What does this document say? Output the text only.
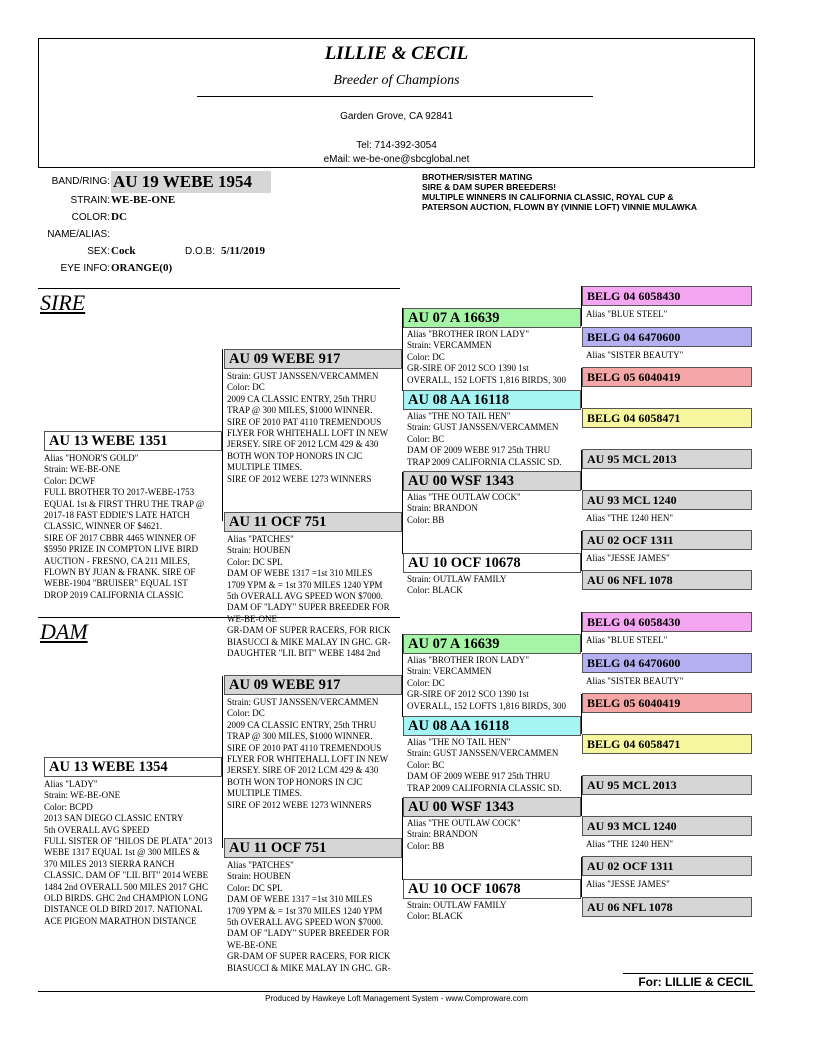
LILLIE & CECIL
Breeder of Champions
Garden Grove, CA 92841
Tel: 714-392-3054
eMail: we-be-one@sbcglobal.net
BAND/RING: AU 19 WEBE 1954
STRAIN: WE-BE-ONE
COLOR: DC
NAME/ALIAS:
SEX: Cock	D.O.B: 5/11/2019
EYE INFO: ORANGE(0)
BROTHER/SISTER MATING
SIRE & DAM SUPER BREEDERS!
MULTIPLE WINNERS IN CALIFORNIA CLASSIC, ROYAL CUP &
PATERSON AUCTION, FLOWN BY (VINNIE LOFT) VINNIE MULAWKA
SIRE
DAM
AU 13 WEBE 1351
Alias "HONOR'S GOLD"
Strain: WE-BE-ONE
Color: DCWF
FULL BROTHER TO 2017-WEBE-1753
EQUAL 1st & FIRST THRU THE TRAP @
2017-18 FAST EDDIE'S LATE HATCH
CLASSIC, WINNER OF $4621.
SIRE OF 2017 CBBR 4465 WINNER OF
$5950 PRIZE IN COMPTON LIVE BIRD
AUCTION - FRESNO, CA 211 MILES,
FLOWN BY JUAN & FRANK. SIRE OF
WEBE-1904 "BRUISER" EQUAL 1ST
DROP 2019 CALIFORNIA CLASSIC
AU 09 WEBE 917
Strain: GUST JANSSEN/VERCAMMEN
Color: DC
2009 CA CLASSIC ENTRY, 25th THRU
TRAP @ 300 MILES, $1000 WINNER.
SIRE OF 2010 PAT 4110 TREMENDOUS
FLYER FOR WHITEHALL LOFT IN NEW
JERSEY. SIRE OF 2012 LCM 429 & 430
BOTH WON TOP HONORS IN CJC
MULTIPLE TIMES.
SIRE OF 2012 WEBE 1273 WINNERS
AU 11 OCF 751
Alias "PATCHES"
Strain: HOUBEN
Color: DC SPL
DAM OF WEBE 1317 =1st 310 MILES
1709 YPM & = 1st 370 MILES 1240 YPM
5th OVERALL AVG SPEED WON $7000.
DAM OF "LADY" SUPER BREEDER FOR
WE-BE-ONE
GR-DAM OF SUPER RACERS, FOR RICK
BIASUCCI & MIKE MALAY IN GHC. GR-
DAUGHTER "LIL BIT" WEBE 1484 2nd
AU 07 A 16639
Alias "BROTHER IRON LADY"
Strain: VERCAMMEN
Color: DC
GR-SIRE OF 2012 SCO 1390 1st
OVERALL, 152 LOFTS 1,816 BIRDS, 300
AU 08 AA 16118
Alias "THE NO TAIL HEN"
Strain: GUST JANSSEN/VERCAMMEN
Color: BC
DAM OF 2009 WEBE 917 25th THRU
TRAP 2009 CALIFORNIA CLASSIC SD.
AU 00 WSF 1343
Alias "THE OUTLAW COCK"
Strain: BRANDON
Color: BB
AU 10 OCF 10678
Strain: OUTLAW FAMILY
Color: BLACK
BELG 04 6058430
Alias "BLUE STEEL"
BELG 04 6470600
Alias "SISTER BEAUTY"
BELG 05 6040419
BELG 04 6058471
AU 95 MCL 2013
AU 93 MCL 1240
Alias "THE 1240 HEN"
AU 02 OCF 1311
Alias "JESSE JAMES"
AU 06 NFL 1078
AU 13 WEBE 1354
Alias "LADY"
Strain: WE-BE-ONE
Color: BCPD
2013 SAN DIEGO CLASSIC ENTRY
5th OVERALL AVG SPEED
FULL SISTER OF "HILOS DE PLATA" 2013
WEBE 1317 EQUAL 1st @ 300 MILES &
370 MILES 2013 SIERRA RANCH
CLASSIC. DAM OF "LIL BIT" 2014 WEBE
1484 2nd OVERALL 500 MILES 2017 GHC
OLD BIRDS. GHC 2nd CHAMPION LONG
DISTANCE OLD BIRD 2017. NATIONAL
ACE PIGEON MARATHON DISTANCE
AU 09 WEBE 917
Strain: GUST JANSSEN/VERCAMMEN
Color: DC
2009 CA CLASSIC ENTRY, 25th THRU
TRAP @ 300 MILES, $1000 WINNER.
SIRE OF 2010 PAT 4110 TREMENDOUS
FLYER FOR WHITEHALL LOFT IN NEW
JERSEY. SIRE OF 2012 LCM 429 & 430
BOTH WON TOP HONORS IN CJC
MULTIPLE TIMES.
SIRE OF 2012 WEBE 1273 WINNERS
AU 11 OCF 751
Alias "PATCHES"
Strain: HOUBEN
Color: DC SPL
DAM OF WEBE 1317 =1st 310 MILES
1709 YPM & = 1st 370 MILES 1240 YPM
5th OVERALL AVG SPEED WON $7000.
DAM OF "LADY" SUPER BREEDER FOR
WE-BE-ONE
GR-DAM OF SUPER RACERS, FOR RICK
BIASUCCI & MIKE MALAY IN GHC. GR-
AU 07 A 16639
Alias "BROTHER IRON LADY"
Strain: VERCAMMEN
Color: DC
GR-SIRE OF 2012 SCO 1390 1st
OVERALL, 152 LOFTS 1,816 BIRDS, 300
AU 08 AA 16118
Alias "THE NO TAIL HEN"
Strain: GUST JANSSEN/VERCAMMEN
Color: BC
DAM OF 2009 WEBE 917 25th THRU
TRAP 2009 CALIFORNIA CLASSIC SD.
AU 00 WSF 1343
Alias "THE OUTLAW COCK"
Strain: BRANDON
Color: BB
AU 10 OCF 10678
Strain: OUTLAW FAMILY
Color: BLACK
BELG 04 6058430
Alias "BLUE STEEL"
BELG 04 6470600
Alias "SISTER BEAUTY"
BELG 05 6040419
BELG 04 6058471
AU 95 MCL 2013
AU 93 MCL 1240
Alias "THE 1240 HEN"
AU 02 OCF 1311
Alias "JESSE JAMES"
AU 06 NFL 1078
For: LILLIE & CECIL
Produced by Hawkeye Loft Management System - www.Comproware.com
